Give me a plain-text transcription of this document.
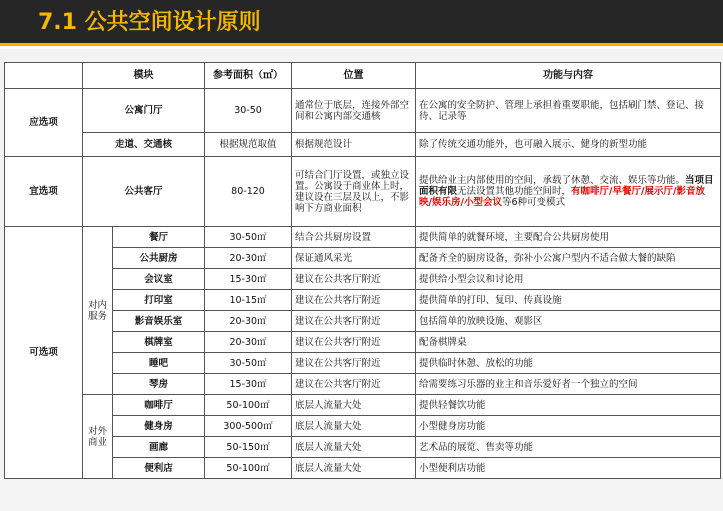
7.1 公共空间设计原则
	模块		参考面积（㎡）	位置	功能与内容
应选项	公寓门厅		30-50	通常位于底层，连接外部空间和公寓内部交通核	在公寓的安全防护、管理上承担着重要职能，包括刷门禁、登记、接待、记录等
	走道、交通核		根据规范取值	根据规范设计	除了传统交通功能外，也可融入展示、健身的新型功能
宜选项	公共客厅		80-120	可结合门厅设置，或独立设置。公寓设于商业体上时，建议设在三层及以上，不影响下方商业面积	提供给业主内部使用的空间，承载了休憩、交流、娱乐等功能。当项目面积有限无法设置其他功能空间时，有咖啡厅/早餐厅/展示厅/影音放映/娱乐房/小型会议等6种可变模式
可选项	对内服务	餐厅	30-50㎡	结合公共厨房设置	提供简单的就餐环境，主要配合公共厨房使用
		公共厨房	20-30㎡	保证通风采光	配备齐全的厨房设备，弥补小公寓户型内不适合做大餐的缺陷
		会议室	15-30㎡	建议在公共客厅附近	提供给小型会议和讨论用
		打印室	10-15㎡	建议在公共客厅附近	提供简单的打印、复印、传真设施
		影音娱乐室	20-30㎡	建议在公共客厅附近	包括简单的放映设施、观影区
		棋牌室	20-30㎡	建议在公共客厅附近	配备棋牌桌
		睡吧	30-50㎡	建议在公共客厅附近	提供临时休憩、放松的功能
		琴房	15-30㎡	建议在公共客厅附近	给需要练习乐器的业主和音乐爱好者一个独立的空间
	对外商业	咖啡厅	50-100㎡	底层人流量大处	提供轻餐饮功能
		健身房	300-500㎡	底层人流量大处	小型健身房功能
		画廊	50-150㎡	底层人流量大处	艺术品的展览、售卖等功能
		便利店	50-100㎡	底层人流量大处	小型便利店功能
